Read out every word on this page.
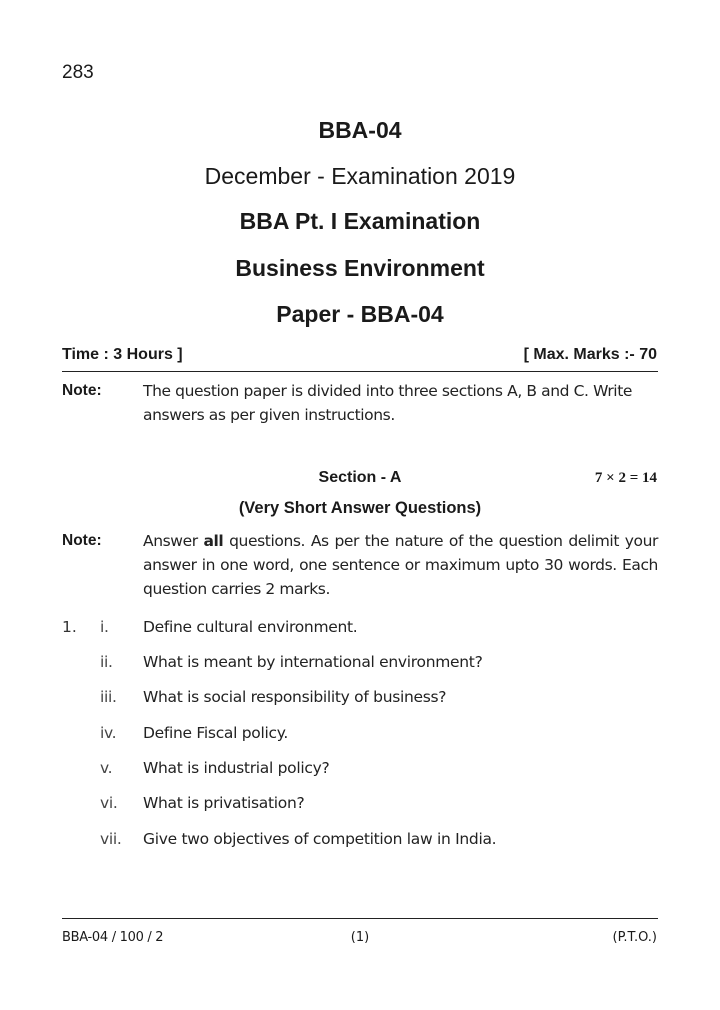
283
BBA-04
December - Examination 2019
BBA Pt. I Examination
Business Environment
Paper - BBA-04
Time : 3 Hours ]	[ Max. Marks :- 70
Note:	The question paper is divided into three sections A, B and C. Write answers as per given instructions.
Section - A	7 × 2 = 14
(Very Short Answer Questions)
Note:	Answer all questions. As per the nature of the question delimit your answer in one word, one sentence or maximum upto 30 words. Each question carries 2 marks.
1. i. Define cultural environment.
ii. What is meant by international environment?
iii. What is social responsibility of business?
iv. Define Fiscal policy.
v. What is industrial policy?
vi. What is privatisation?
vii. Give two objectives of competition law in India.
BBA-04 / 100 / 2	(1)	(P.T.O.)
